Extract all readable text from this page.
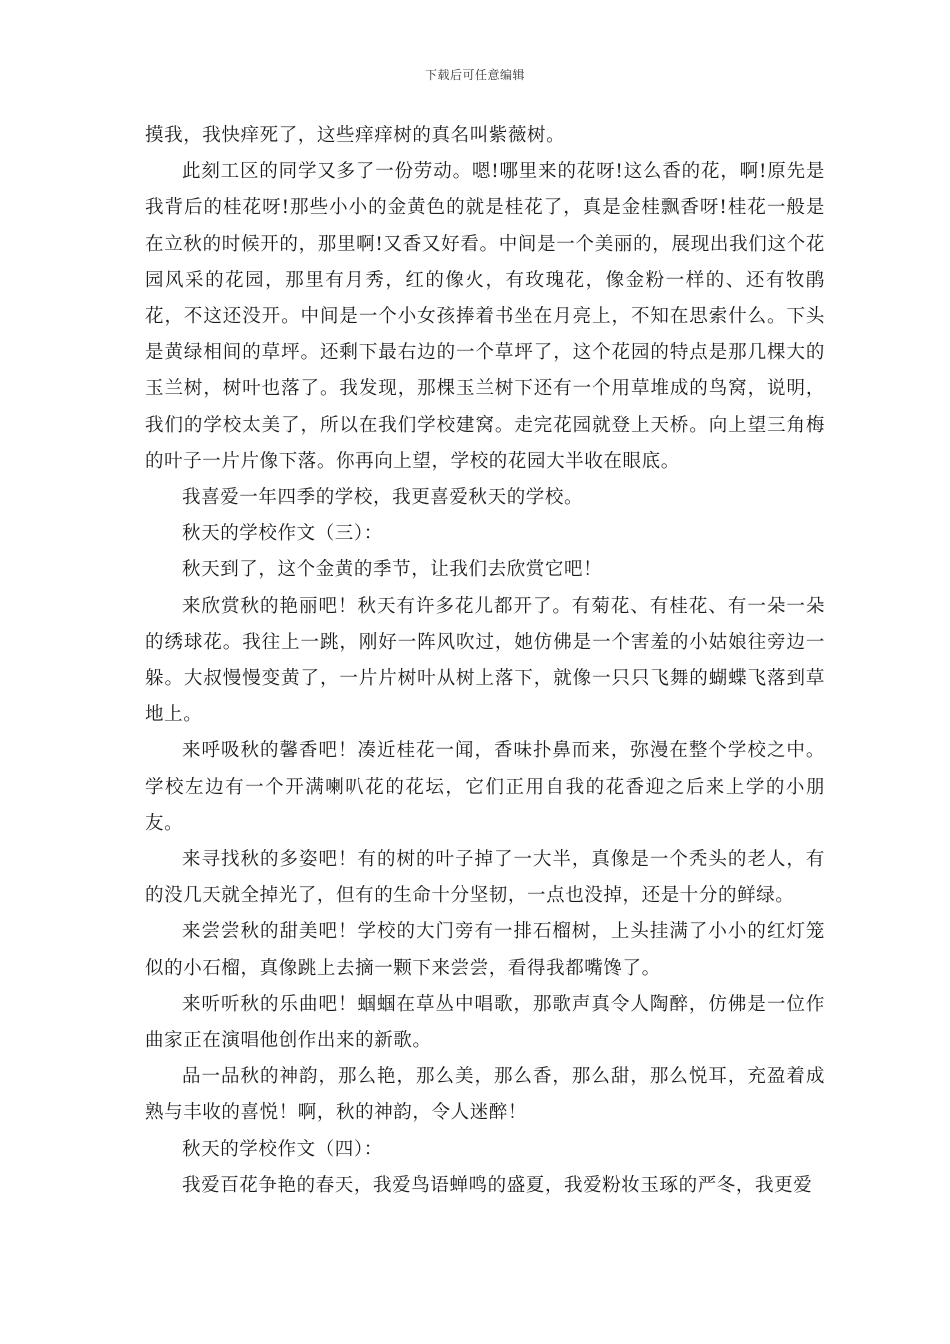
下载后可任意编辑

摸我，我快痒死了，这些痒痒树的真名叫紫薇树。

此刻工区的同学又多了一份劳动。嗯!哪里来的花呀!这么香的花，啊!原先是我背后的桂花呀!那些小小的金黄色的就是桂花了，真是金桂飘香呀!桂花一般是在立秋的时候开的，那里啊!又香又好看。中间是一个美丽的，展现出我们这个花园风采的花园，那里有月秀，红的像火，有玫瑰花，像金粉一样的、还有牧鹃花，不这还没开。中间是一个小女孩捧着书坐在月亮上，不知在思索什么。下头是黄绿相间的草坪。还剩下最右边的一个草坪了，这个花园的特点是那几棵大的玉兰树，树叶也落了。我发现，那棵玉兰树下还有一个用草堆成的鸟窝，说明，我们的学校太美了，所以在我们学校建窝。走完花园就登上天桥。向上望三角梅的叶子一片片像下落。你再向上望，学校的花园大半收在眼底。

我喜爱一年四季的学校，我更喜爱秋天的学校。

秋天的学校作文（三）：

秋天到了，这个金黄的季节，让我们去欣赏它吧！

来欣赏秋的艳丽吧！秋天有许多花儿都开了。有菊花、有桂花、有一朵一朵的绣球花。我往上一跳，刚好一阵风吹过，她仿佛是一个害羞的小姑娘往旁边一躲。大叔慢慢变黄了，一片片树叶从树上落下，就像一只只飞舞的蝴蝶飞落到草地上。

来呼吸秋的馨香吧！凑近桂花一闻，香味扑鼻而来，弥漫在整个学校之中。学校左边有一个开满喇叭花的花坛，它们正用自我的花香迎之后来上学的小朋友。

来寻找秋的多姿吧！有的树的叶子掉了一大半，真像是一个秃头的老人，有的没几天就全掉光了，但有的生命十分坚韧，一点也没掉，还是十分的鲜绿。

来尝尝秋的甜美吧！学校的大门旁有一排石榴树，上头挂满了小小的红灯笼似的小石榴，真像跳上去摘一颗下来尝尝，看得我都嘴馋了。

来听听秋的乐曲吧！蝈蝈在草丛中唱歌，那歌声真令人陶醉，仿佛是一位作曲家正在演唱他创作出来的新歌。

品一品秋的神韵，那么艳，那么美，那么香，那么甜，那么悦耳，充盈着成熟与丰收的喜悦！啊，秋的神韵，令人迷醉！

秋天的学校作文（四）：

我爱百花争艳的春天，我爱鸟语蝉鸣的盛夏，我爱粉妆玉琢的严冬，我更爱
